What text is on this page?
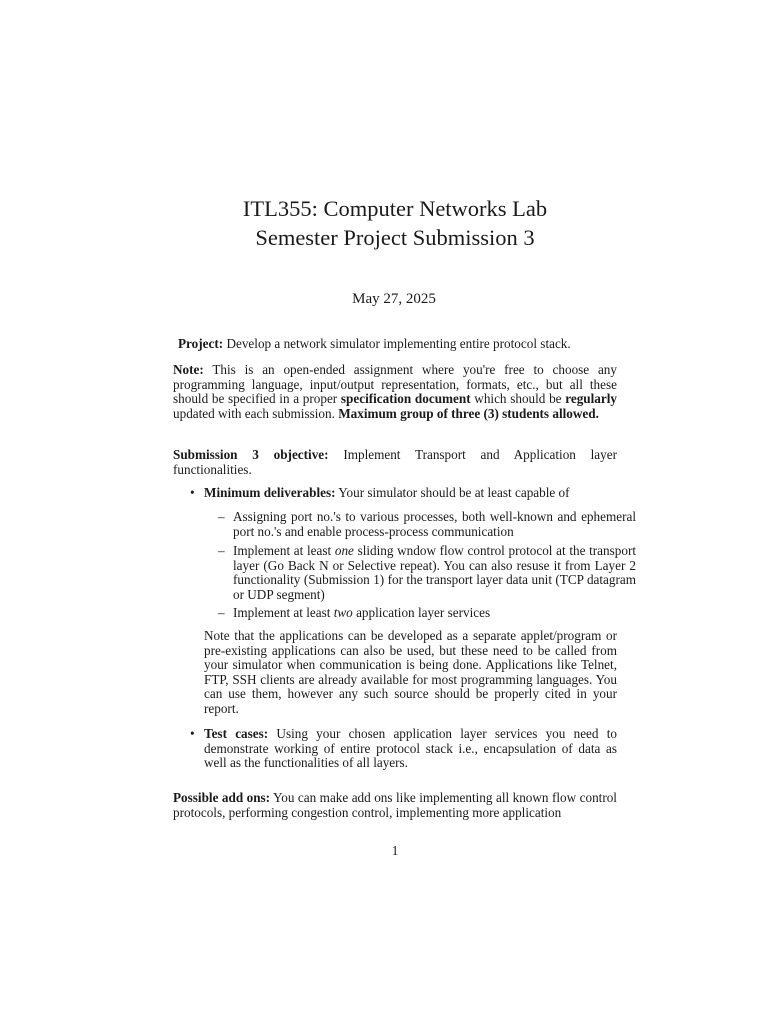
ITL355: Computer Networks Lab
Semester Project Submission 3
May 27, 2025
Project: Develop a network simulator implementing entire protocol stack.
Note: This is an open-ended assignment where you're free to choose any programming language, input/output representation, formats, etc., but all these should be specified in a proper specification document which should be regularly updated with each submission. Maximum group of three (3) students allowed.
Submission 3 objective: Implement Transport and Application layer functionalities.
• Minimum deliverables: Your simulator should be at least capable of
– Assigning port no.'s to various processes, both well-known and ephemeral port no.'s and enable process-process communication
– Implement at least one sliding wndow flow control protocol at the transport layer (Go Back N or Selective repeat). You can also resuse it from Layer 2 functionality (Submission 1) for the transport layer data unit (TCP datagram or UDP segment)
– Implement at least two application layer services
Note that the applications can be developed as a separate applet/program or pre-existing applications can also be used, but these need to be called from your simulator when communication is being done. Applications like Telnet, FTP, SSH clients are already available for most programming languages. You can use them, however any such source should be properly cited in your report.
• Test cases: Using your chosen application layer services you need to demonstrate working of entire protocol stack i.e., encapsulation of data as well as the functionalities of all layers.
Possible add ons: You can make add ons like implementing all known flow control protocols, performing congestion control, implementing more application
1
